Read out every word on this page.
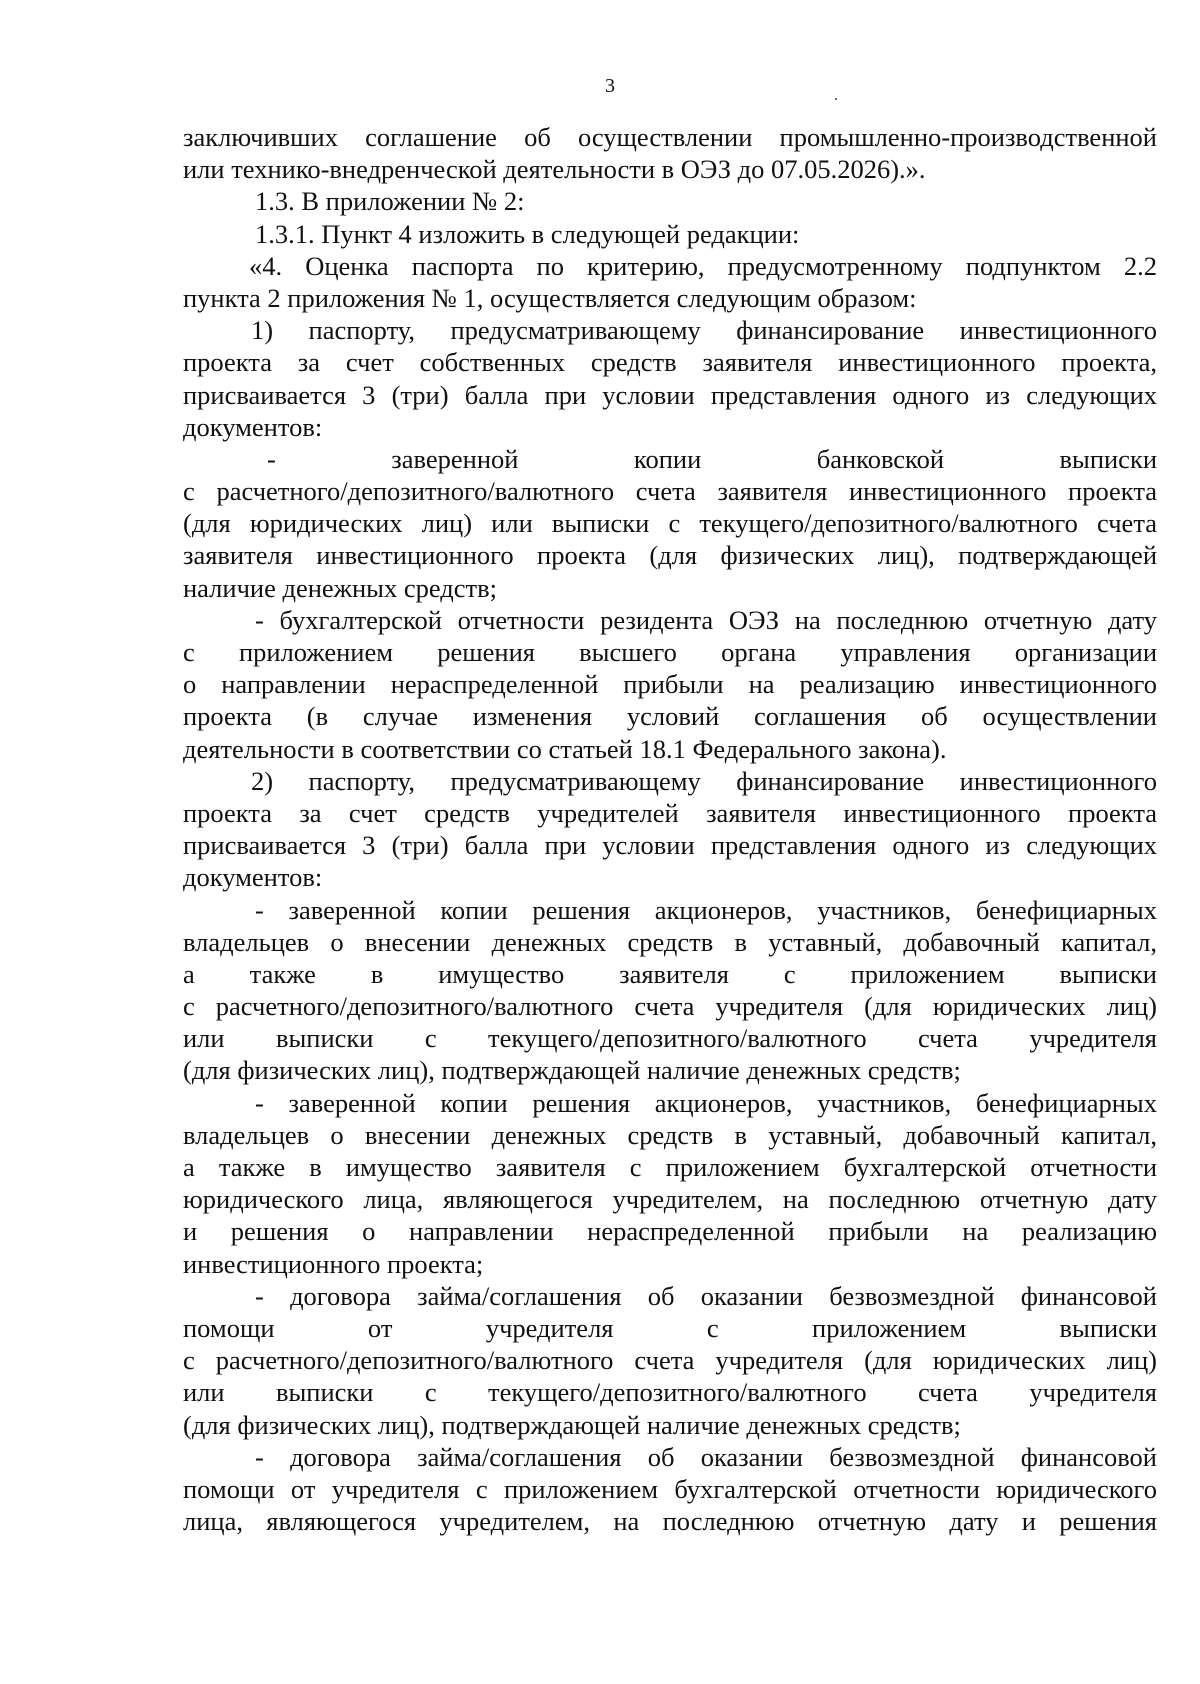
3
заключивших соглашение об осуществлении промышленно-производственной
или технико-внедренческой деятельности в ОЭЗ до 07.05.2026).».
1.3. В приложении № 2:
1.3.1. Пункт 4 изложить в следующей редакции:
«4. Оценка паспорта по критерию, предусмотренному подпунктом 2.2
пункта 2 приложения № 1, осуществляется следующим образом:
1) паспорту, предусматривающему финансирование инвестиционного
проекта за счет собственных средств заявителя инвестиционного проекта,
присваивается 3 (три) балла при условии представления одного из следующих
документов:
- заверенной копии банковской выписки
с расчетного/депозитного/валютного счета заявителя инвестиционного проекта
(для юридических лиц) или выписки с текущего/депозитного/валютного счета
заявителя инвестиционного проекта (для физических лиц), подтверждающей
наличие денежных средств;
- бухгалтерской отчетности резидента ОЭЗ на последнюю отчетную дату
с приложением решения высшего органа управления организации
о направлении нераспределенной прибыли на реализацию инвестиционного
проекта (в случае изменения условий соглашения об осуществлении
деятельности в соответствии со статьей 18.1 Федерального закона).
2) паспорту, предусматривающему финансирование инвестиционного
проекта за счет средств учредителей заявителя инвестиционного проекта
присваивается 3 (три) балла при условии представления одного из следующих
документов:
- заверенной копии решения акционеров, участников, бенефициарных
владельцев о внесении денежных средств в уставный, добавочный капитал,
а также в имущество заявителя с приложением выписки
с расчетного/депозитного/валютного счета учредителя (для юридических лиц)
или выписки с текущего/депозитного/валютного счета учредителя
(для физических лиц), подтверждающей наличие денежных средств;
- заверенной копии решения акционеров, участников, бенефициарных
владельцев о внесении денежных средств в уставный, добавочный капитал,
а также в имущество заявителя с приложением бухгалтерской отчетности
юридического лица, являющегося учредителем, на последнюю отчетную дату
и решения о направлении нераспределенной прибыли на реализацию
инвестиционного проекта;
- договора займа/соглашения об оказании безвозмездной финансовой
помощи от учредителя с приложением выписки
с расчетного/депозитного/валютного счета учредителя (для юридических лиц)
или выписки с текущего/депозитного/валютного счета учредителя
(для физических лиц), подтверждающей наличие денежных средств;
- договора займа/соглашения об оказании безвозмездной финансовой
помощи от учредителя с приложением бухгалтерской отчетности юридического
лица, являющегося учредителем, на последнюю отчетную дату и решения
